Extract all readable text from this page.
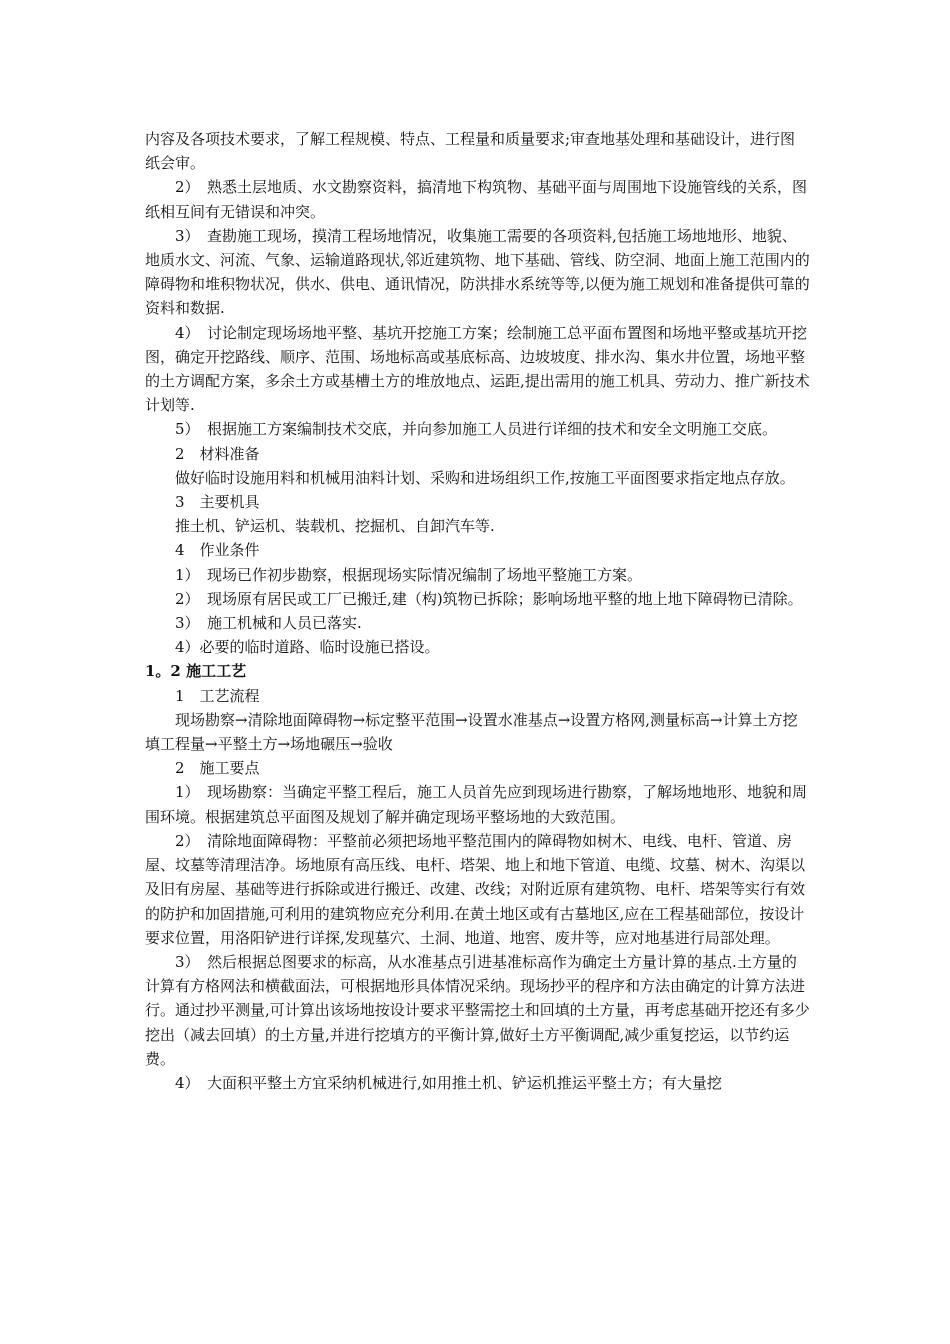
内容及各项技术要求，了解工程规模、特点、工程量和质量要求;审查地基处理和基础设计，进行图纸会审。

2）　熟悉土层地质、水文勘察资料，搞清地下构筑物、基础平面与周围地下设施管线的关系，图纸相互间有无错误和冲突。

3）　查勘施工现场，摸清工程场地情况，收集施工需要的各项资料,包括施工场地地形、地貌、地质水文、河流、气象、运输道路现状,邻近建筑物、地下基础、管线、防空洞、地面上施工范围内的障碍物和堆积物状况，供水、供电、通讯情况，防洪排水系统等等,以便为施工规划和准备提供可靠的资料和数据.

4）　讨论制定现场场地平整、基坑开挖施工方案；绘制施工总平面布置图和场地平整或基坑开挖图，确定开挖路线、顺序、范围、场地标高或基底标高、边坡坡度、排水沟、集水井位置，场地平整的土方调配方案，多余土方或基槽土方的堆放地点、运距,提出需用的施工机具、劳动力、推广新技术计划等.

5）　根据施工方案编制技术交底，并向参加施工人员进行详细的技术和安全文明施工交底。

2　材料准备

做好临时设施用料和机械用油料计划、采购和进场组织工作,按施工平面图要求指定地点存放。

3　主要机具

推土机、铲运机、装载机、挖掘机、自卸汽车等.

4　作业条件

1）　现场已作初步勘察，根据现场实际情况编制了场地平整施工方案。

2）　现场原有居民或工厂已搬迁,建（构)筑物已拆除；影响场地平整的地上地下障碍物已清除。

3）　施工机械和人员已落实.

4）必要的临时道路、临时设施已搭设。

1。2 施工工艺

1　工艺流程

现场勘察→清除地面障碍物→标定整平范围→设置水准基点→设置方格网,测量标高→计算土方挖填工程量→平整土方→场地碾压→验收

2　施工要点

1）　现场勘察：当确定平整工程后，施工人员首先应到现场进行勘察，了解场地地形、地貌和周围环境。根据建筑总平面图及规划了解并确定现场平整场地的大致范围。

2）　清除地面障碍物：平整前必须把场地平整范围内的障碍物如树木、电线、电杆、管道、房屋、坟墓等清理洁净。场地原有高压线、电杆、塔架、地上和地下管道、电缆、坟墓、树木、沟渠以及旧有房屋、基础等进行拆除或进行搬迁、改建、改线；对附近原有建筑物、电杆、塔架等实行有效的防护和加固措施,可利用的建筑物应充分利用.在黄土地区或有古墓地区,应在工程基础部位，按设计要求位置，用洛阳铲进行详探,发现墓穴、土洞、地道、地窖、废井等，应对地基进行局部处理。

3）　然后根据总图要求的标高，从水准基点引进基准标高作为确定土方量计算的基点.土方量的计算有方格网法和横截面法，可根据地形具体情况采纳。现场抄平的程序和方法由确定的计算方法进行。通过抄平测量,可计算出该场地按设计要求平整需挖土和回填的土方量，再考虑基础开挖还有多少挖出（减去回填）的土方量,并进行挖填方的平衡计算,做好土方平衡调配,减少重复挖运，以节约运费。

4）　大面积平整土方宜采纳机械进行,如用推土机、铲运机推运平整土方；有大量挖
